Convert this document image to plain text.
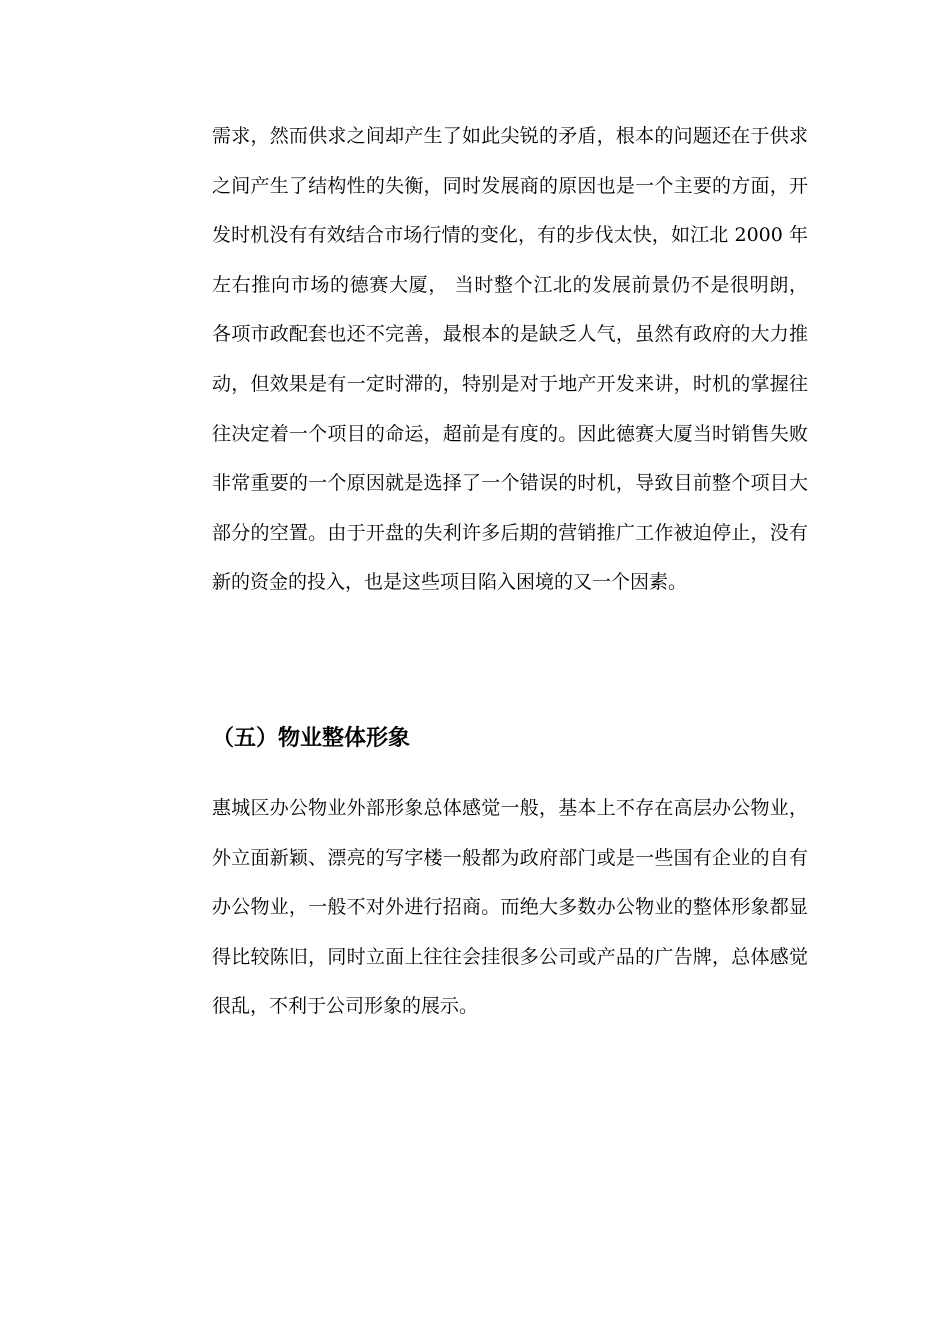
需求，然而供求之间却产生了如此尖锐的矛盾，根本的问题还在于供求
之间产生了结构性的失衡，同时发展商的原因也是一个主要的方面，开
发时机没有有效结合市场行情的变化，有的步伐太快，如江北 2000 年
左右推向市场的德赛大厦， 当时整个江北的发展前景仍不是很明朗，
各项市政配套也还不完善，最根本的是缺乏人气，虽然有政府的大力推
动，但效果是有一定时滞的，特别是对于地产开发来讲，时机的掌握往
往决定着一个项目的命运，超前是有度的。因此德赛大厦当时销售失败
非常重要的一个原因就是选择了一个错误的时机，导致目前整个项目大
部分的空置。由于开盘的失利许多后期的营销推广工作被迫停止，没有
新的资金的投入，也是这些项目陷入困境的又一个因素。
（五）物业整体形象
惠城区办公物业外部形象总体感觉一般，基本上不存在高层办公物业，
外立面新颖、漂亮的写字楼一般都为政府部门或是一些国有企业的自有
办公物业，一般不对外进行招商。而绝大多数办公物业的整体形象都显
得比较陈旧，同时立面上往往会挂很多公司或产品的广告牌，总体感觉
很乱，不利于公司形象的展示。
